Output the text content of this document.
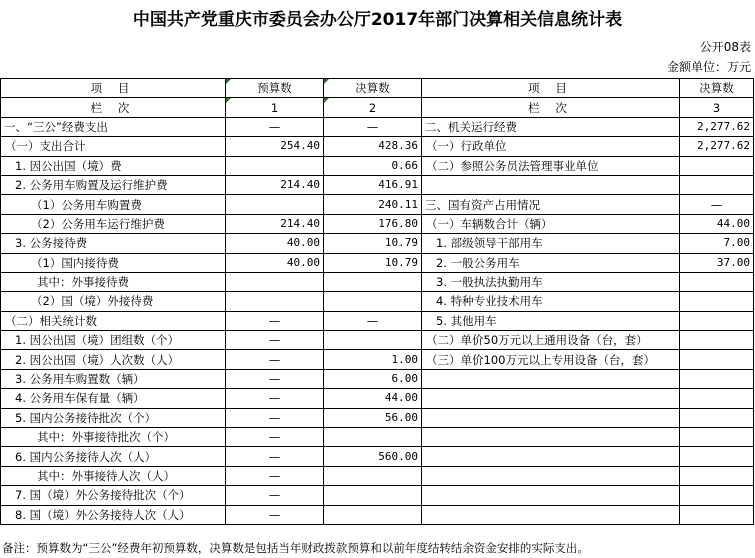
中国共产党重庆市委员会办公厅2017年部门决算相关信息统计表
公开08表
金额单位：万元
项 目	预算数	决算数	项 目	决算数
栏 次	1	2	栏 次	3
一、“三公”经费支出	—	—	二、机关运行经费	2,277.62
（一）支出合计	254.40	428.36	（一）行政单位	2,277.62
1. 因公出国（境）费		0.66	（二）参照公务员法管理事业单位	
2. 公务用车购置及运行维护费	214.40	416.91		
（1）公务用车购置费		240.11	三、国有资产占用情况	—
（2）公务用车运行维护费	214.40	176.80	（一）车辆数合计（辆）	44.00
3. 公务接待费	40.00	10.79	1. 部级领导干部用车	7.00
（1）国内接待费	40.00	10.79	2. 一般公务用车	37.00
其中：外事接待费			3. 一般执法执勤用车	
（2）国（境）外接待费			4. 特种专业技术用车	
（二）相关统计数	—	—	5. 其他用车	
1. 因公出国（境）团组数（个）	—		（二）单价50万元以上通用设备（台，套）	
2. 因公出国（境）人次数（人）	—	1.00	（三）单价100万元以上专用设备（台，套）	
3. 公务用车购置数（辆）	—	6.00		
4. 公务用车保有量（辆）	—	44.00		
5. 国内公务接待批次（个）	—	56.00		
其中：外事接待批次（个）	—			
6. 国内公务接待人次（人）	—	560.00		
其中：外事接待人次（人）	—			
7. 国（境）外公务接待批次（个）	—			
8. 国（境）外公务接待人次（人）	—			
备注：预算数为“三公”经费年初预算数，决算数是包括当年财政拨款预算和以前年度结转结余资金安排的实际支出。
